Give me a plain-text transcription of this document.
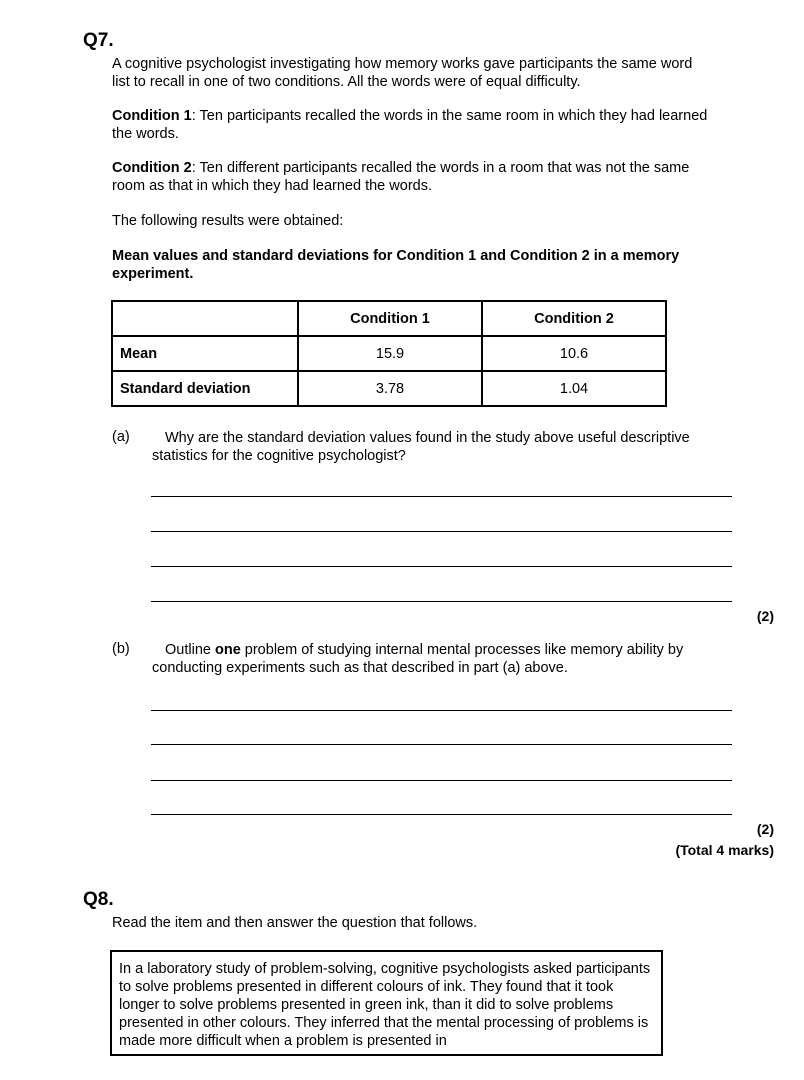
Q7.
A cognitive psychologist investigating how memory works gave participants the same word list to recall in one of two conditions. All the words were of equal difficulty.
Condition 1: Ten participants recalled the words in the same room in which they had learned the words.
Condition 2: Ten different participants recalled the words in a room that was not the same room as that in which they had learned the words.
The following results were obtained:
Mean values and standard deviations for Condition 1 and Condition 2 in a memory experiment.
	Condition 1	Condition 2
Mean	15.9	10.6
Standard deviation	3.78	1.04
(a)	Why are the standard deviation values found in the study above useful descriptive statistics for the cognitive psychologist?
(2)
(b)	Outline one problem of studying internal mental processes like memory ability by conducting experiments such as that described in part (a) above.
(2)
(Total 4 marks)
Q8.
Read the item and then answer the question that follows.
In a laboratory study of problem-solving, cognitive psychologists asked participants to solve problems presented in different colours of ink. They found that it took longer to solve problems presented in green ink, than it did to solve problems presented in other colours. They inferred that the mental processing of problems is made more difficult when a problem is presented in
